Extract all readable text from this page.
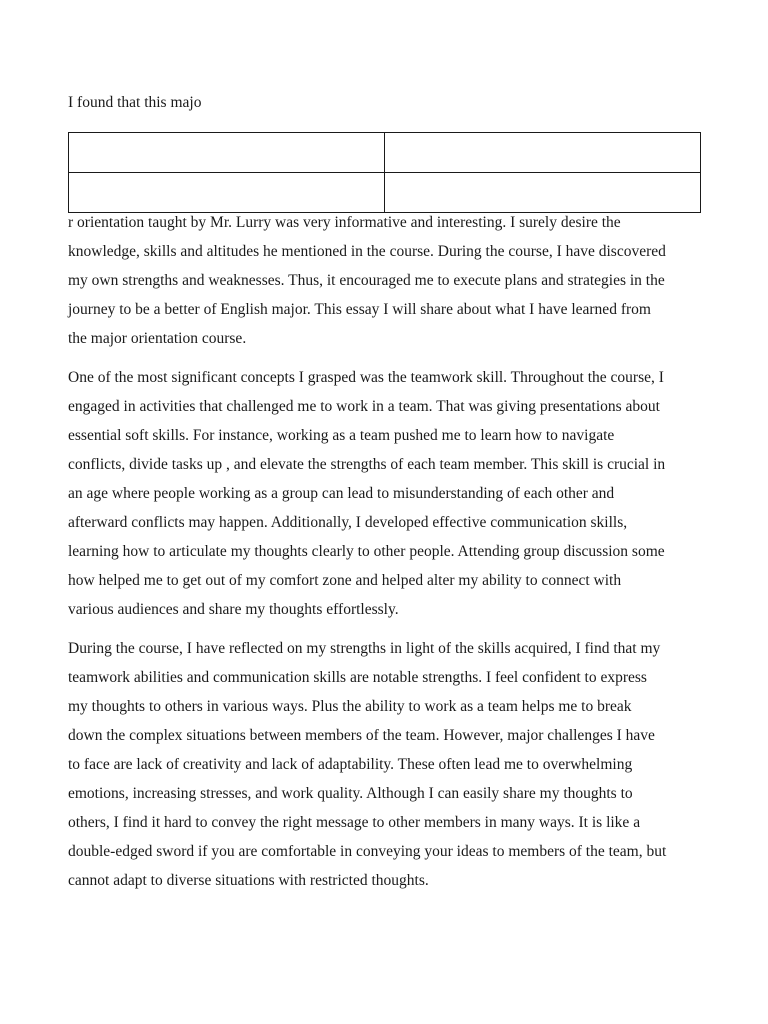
I found that this majo

r orientation taught by Mr. Lurry was very informative and interesting. I surely desire the
knowledge, skills and altitudes he mentioned in the course. During the course, I have discovered
my own strengths and weaknesses. Thus, it encouraged me to execute plans and strategies in the
journey to be a better of English major. This essay I will share about what I have learned from
the major orientation course.

One of the most significant concepts I grasped was the teamwork skill. Throughout the course, I
engaged in activities that challenged me to work in a team. That was giving presentations about
essential soft skills. For instance, working as a team pushed me to learn how to navigate
conflicts, divide tasks up , and elevate the strengths of each team member. This skill is crucial in
an age where people working as a group can lead to misunderstanding of each other and
afterward conflicts may happen. Additionally, I developed effective communication skills,
learning how to articulate my thoughts clearly to other people. Attending group discussion some
how helped me to get out of my comfort zone and helped alter my ability to connect with
various audiences and share my thoughts effortlessly.

During the course, I have reflected on my strengths in light of the skills acquired, I find that my
teamwork abilities and communication skills are notable strengths. I feel confident to express
my thoughts to others in various ways. Plus the ability to work as a team helps me to break
down the complex situations between members of the team. However, major challenges I have
to face are lack of creativity and lack of adaptability. These often lead me to overwhelming
emotions, increasing stresses, and work quality. Although I can easily share my thoughts to
others, I find it hard to convey the right message to other members in many ways. It is like a
double-edged sword if you are comfortable in conveying your ideas to members of the team, but
cannot adapt to diverse situations with restricted thoughts.
